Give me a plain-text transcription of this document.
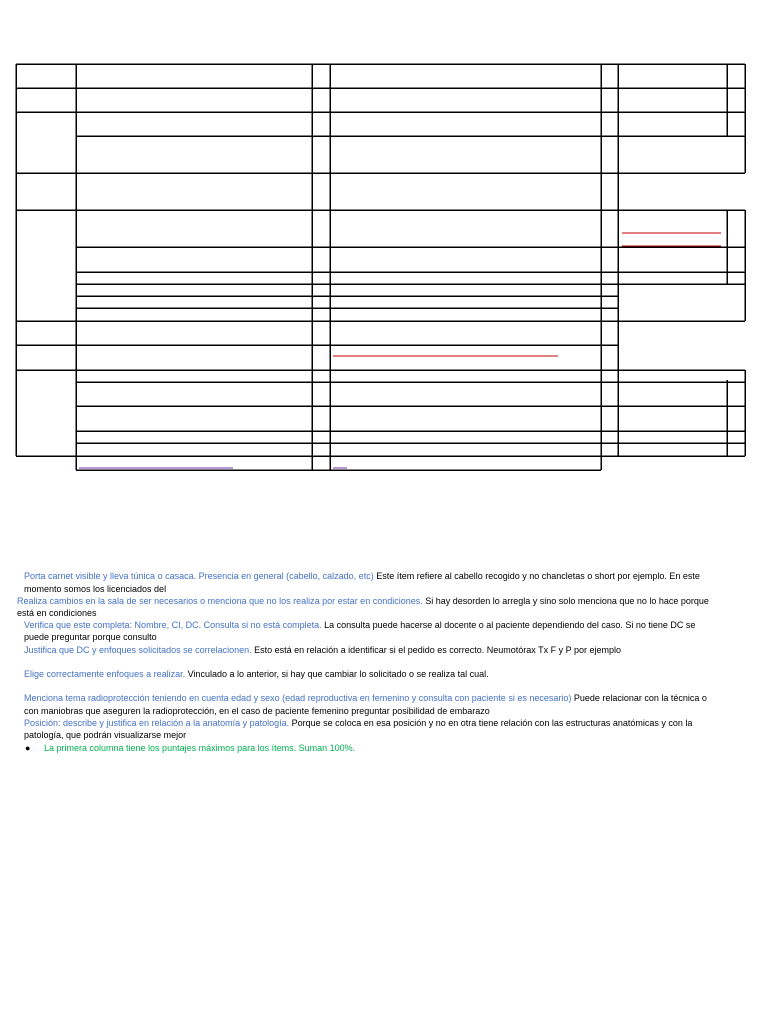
Porta carnet visible y lleva túnica o casaca. Presencia en general (cabello, calzado, etc) Este ítem refiere al cabello recogido y no chancletas o short por ejemplo. En este
momento somos los licenciados del
Realiza cambios en la sala de ser necesarios o menciona que no los realiza por estar en condiciones. Si hay desorden lo arregla y sino solo menciona que no lo hace porque
está en condiciones
Verifica que este completa: Nombre, CI, DC. Consulta si no está completa. La consulta puede hacerse al docente o al paciente dependiendo del caso. Si no tiene DC se
puede preguntar porque consulto
Justifica que DC y enfoques solicitados se correlacionen. Esto está en relación a identificar si el pedido es correcto. Neumotórax Tx F y P por ejemplo
Elige correctamente enfoques a realizar. Vinculado a lo anterior, si hay que cambiar lo solicitado o se realiza tal cual.
Menciona tema radioprotección teniendo en cuenta edad y sexo (edad reproductiva en femenino y consulta con paciente si es necesario) Puede relacionar con la técnica o
con maniobras que aseguren la radioprotección, en el caso de paciente femenino preguntar posibilidad de embarazo
Posición: describe y justifica en relación a la anatomía y patología. Porque se coloca en esa posición y no en otra tiene relación con las estructuras anatómicas y con la
patología, que podrán visualizarse mejor
● La primera columna tiene los puntajes máximos para los ítems. Suman 100%.
